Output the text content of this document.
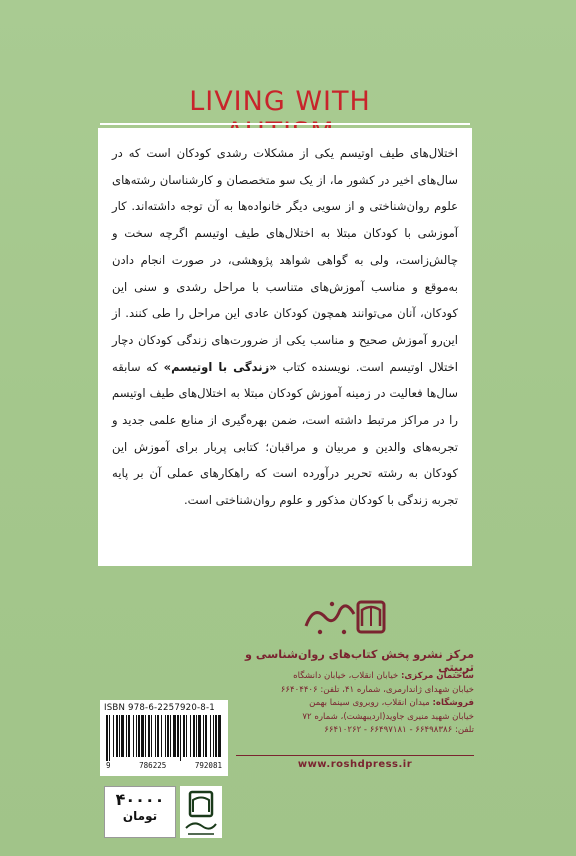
LIVING WITH

اختلال‌های طیف اوتیسم یکی از مشکلات رشدی کودکان است که در سال‌های اخیر در کشور ما، از یک سو متخصصان و کارشناسان رشته‌های علوم روان‌شناختی و از سویی دیگر خانواده‌ها به آن توجه داشته‌اند. کار آموزشی با کودکان مبتلا به اختلال‌های طیف اوتیسم اگرچه سخت و چالش‌زاست، ولی به گواهی شواهد پژوهشی، در صورت انجام دادن به‌موقع و مناسب آموزش‌های متناسب با مراحل رشدی و سنی این کودکان، آنان می‌توانند همچون کودکان عادی این مراحل را طی کنند. از این‌رو آموزش صحیح و مناسب یکی از ضرورت‌های زندگی کودکان دچار اختلال اوتیسم است. نویسنده کتاب «زندگی با اوتیسم» که سابقه سال‌ها فعالیت در زمینه آموزش کودکان مبتلا به اختلال‌های طیف اوتیسم را در مراکز مرتبط داشته است، ضمن بهره‌گیری از منابع علمی جدید و تجربه‌های والدین و مربیان و مراقبان؛ کتابی پربار برای آموزش این کودکان به رشته تحریر درآورده است که راهکارهای عملی آن بر پایه تجربه زندگی با کودکان مذکور و علوم روان‌شناختی است.

مرکز نشرو پخش کتاب‌های روان‌شناسی و تربیتی
ساختمان مرکزی: خیابان انقلاب، خیابان دانشگاه
خیابان شهدای ژاندارمری، شماره ۴۱، تلفن: ۶۶۴۰۴۴۰۶
فروشگاه: میدان انقلاب، روبروی سینما بهمن
خیابان شهید منیری جاوید(اردیبهشت)، شماره ۷۲
تلفن: ۶۶۴۹۸۳۸۶ - ۶۶۴۹۷۱۸۱ - ۶۶۴۱۰۲۶۲
www.roshdpress.ir
ISBN 978-6-2257920-8-1
9	786225	792081
۴۰۰۰۰
تومان
